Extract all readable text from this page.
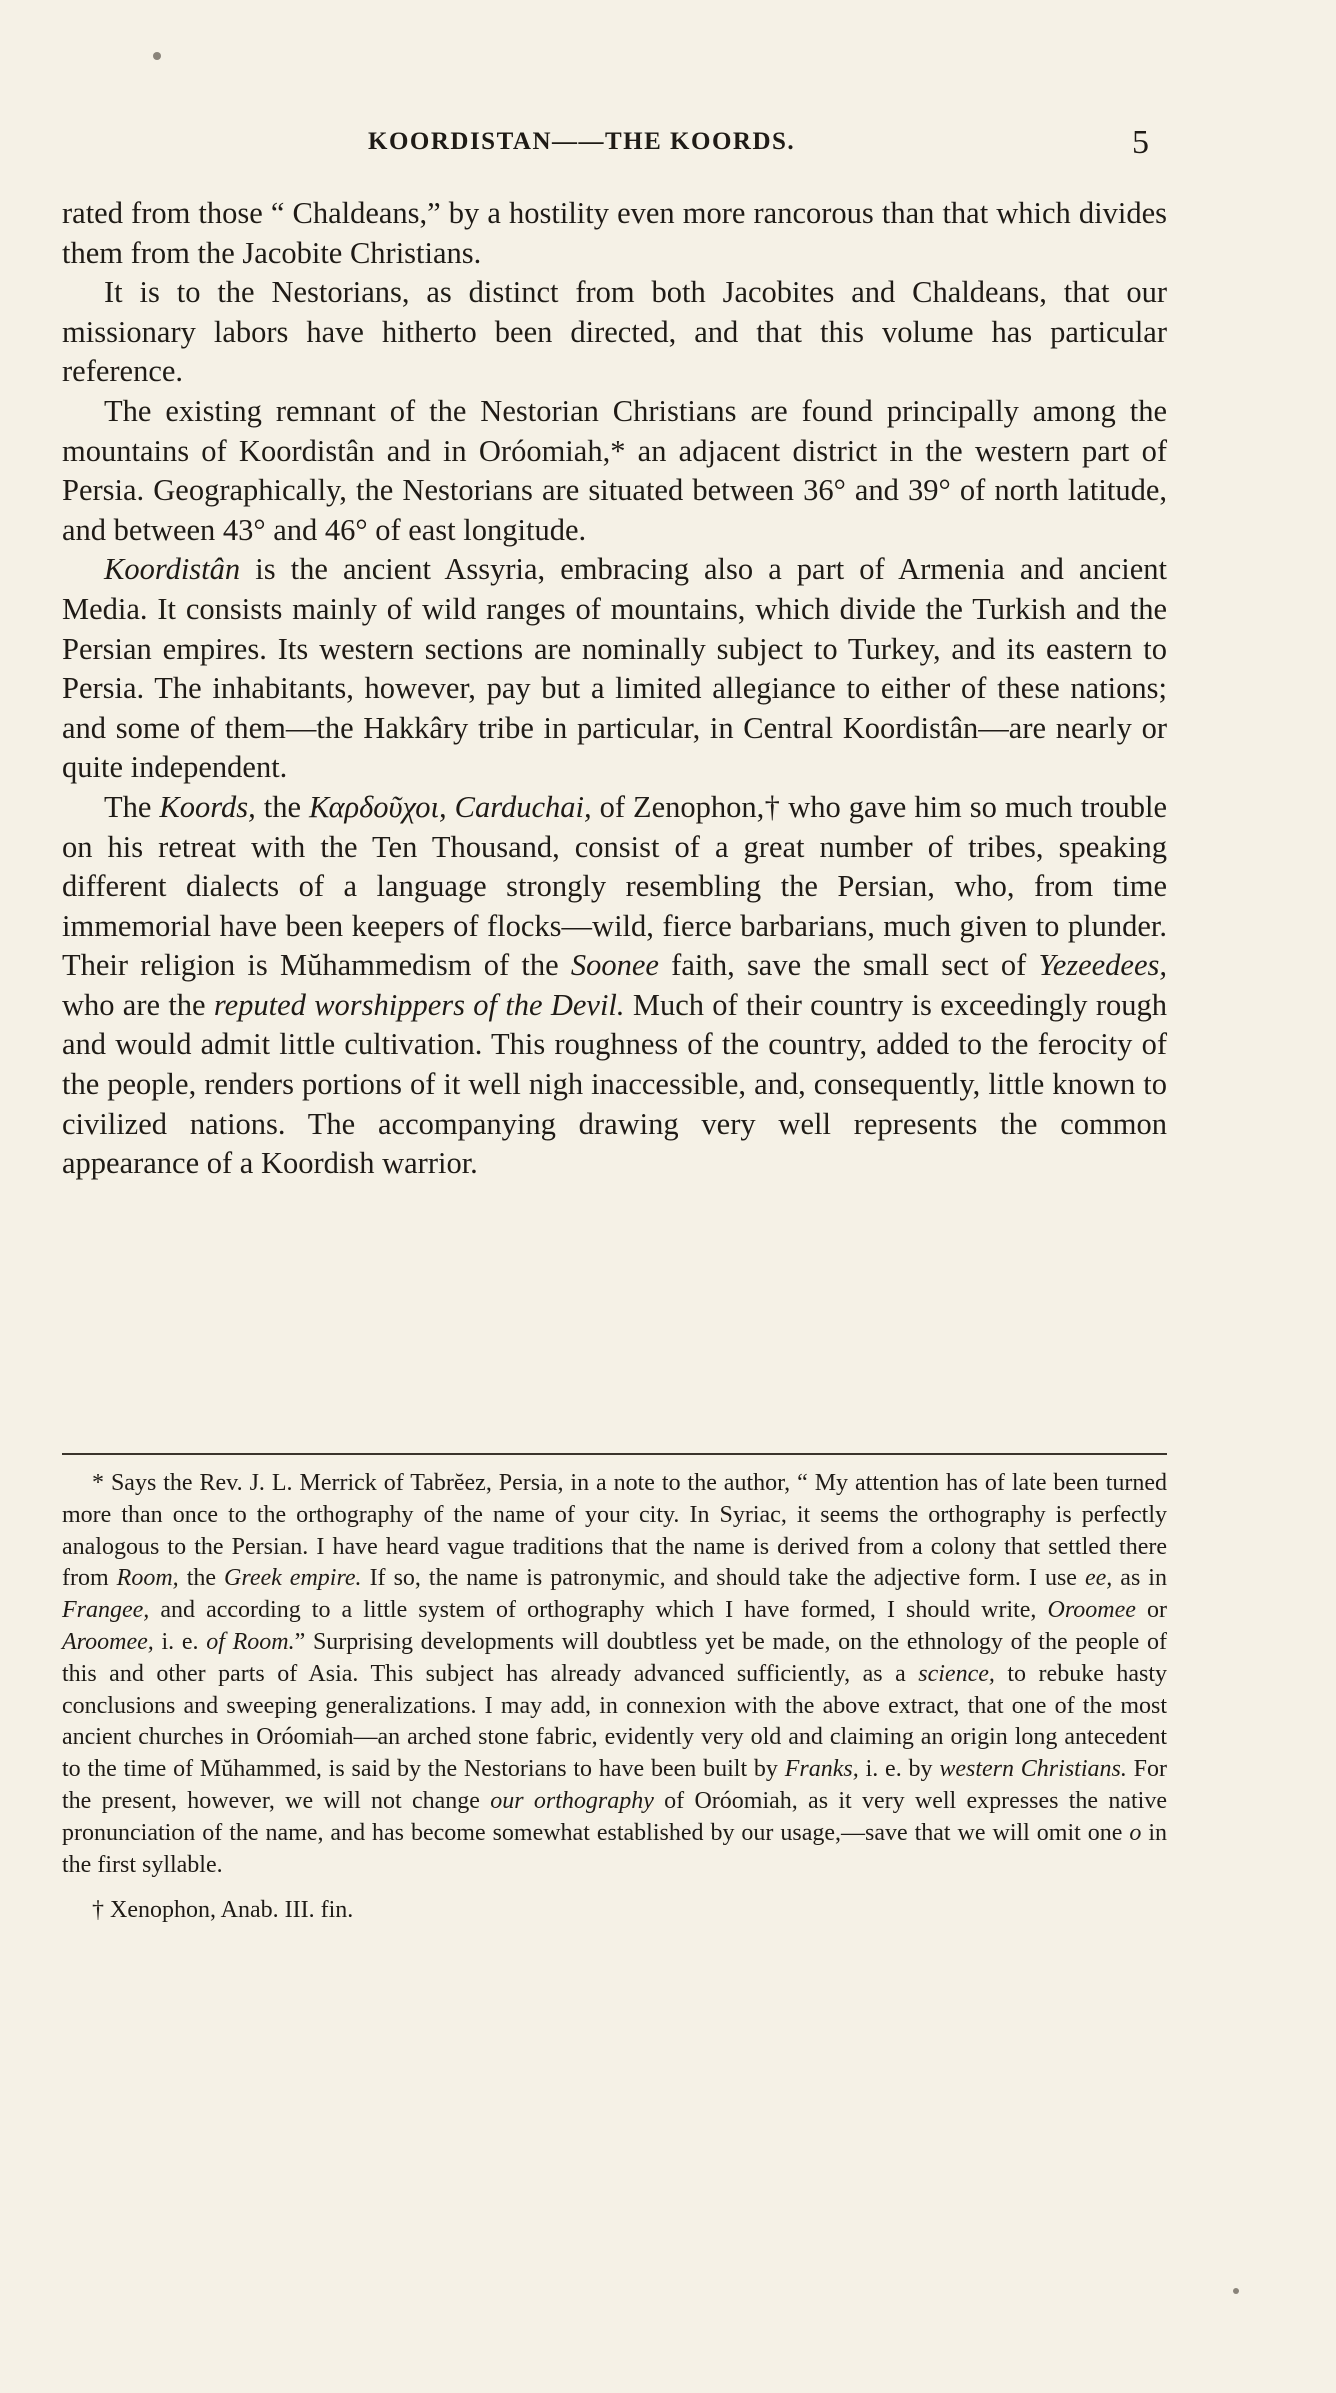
KOORDISTAN——THE KOORDS.	5

rated from those “ Chaldeans,” by a hostility even more rancorous than that which divides them from the Jacobite Christians.

It is to the Nestorians, as distinct from both Jacobites and Chaldeans, that our missionary labors have hitherto been directed, and that this volume has particular reference.

The existing remnant of the Nestorian Christians are found principally among the mountains of Koordistân and in Oróomiah,* an adjacent district in the western part of Persia. Geographically, the Nestorians are situated between 36° and 39° of north latitude, and between 43° and 46° of east longitude.

Koordistân is the ancient Assyria, embracing also a part of Armenia and ancient Media. It consists mainly of wild ranges of mountains, which divide the Turkish and the Persian empires. Its western sections are nominally subject to Turkey, and its eastern to Persia. The inhabitants, however, pay but a limited allegiance to either of these nations; and some of them—the Hakkâry tribe in particular, in Central Koordistân—are nearly or quite independent.

The Koords, the Καρδοῦχοι, Carduchai, of Zenophon,† who gave him so much trouble on his retreat with the Ten Thousand, consist of a great number of tribes, speaking different dialects of a language strongly resembling the Persian, who, from time immemorial have been keepers of flocks—wild, fierce barbarians, much given to plunder. Their religion is Mŭhammedism of the Soonee faith, save the small sect of Yezeedees, who are the reputed worshippers of the Devil. Much of their country is exceedingly rough and would admit little cultivation. This roughness of the country, added to the ferocity of the people, renders portions of it well nigh inaccessible, and, consequently, little known to civilized nations. The accompanying drawing very well represents the common appearance of a Koordish warrior.

* Says the Rev. J. L. Merrick of Tabrĕez, Persia, in a note to the author, “ My attention has of late been turned more than once to the orthography of the name of your city. In Syriac, it seems the orthography is perfectly analogous to the Persian. I have heard vague traditions that the name is derived from a colony that settled there from Room, the Greek empire. If so, the name is patronymic, and should take the adjective form. I use ee, as in Frangee, and according to a little system of orthography which I have formed, I should write, Oroomee or Aroomee, i. e. of Room.” Surprising developments will doubtless yet be made, on the ethnology of the people of this and other parts of Asia. This subject has already advanced sufficiently, as a science, to rebuke hasty conclusions and sweeping generalizations. I may add, in connexion with the above extract, that one of the most ancient churches in Oróomiah—an arched stone fabric, evidently very old and claiming an origin long antecedent to the time of Mŭhammed, is said by the Nestorians to have been built by Franks, i. e. by western Christians. For the present, however, we will not change our orthography of Oróomiah, as it very well expresses the native pronunciation of the name, and has become somewhat established by our usage,—save that we will omit one o in the first syllable.

† Xenophon, Anab. III. fin.
